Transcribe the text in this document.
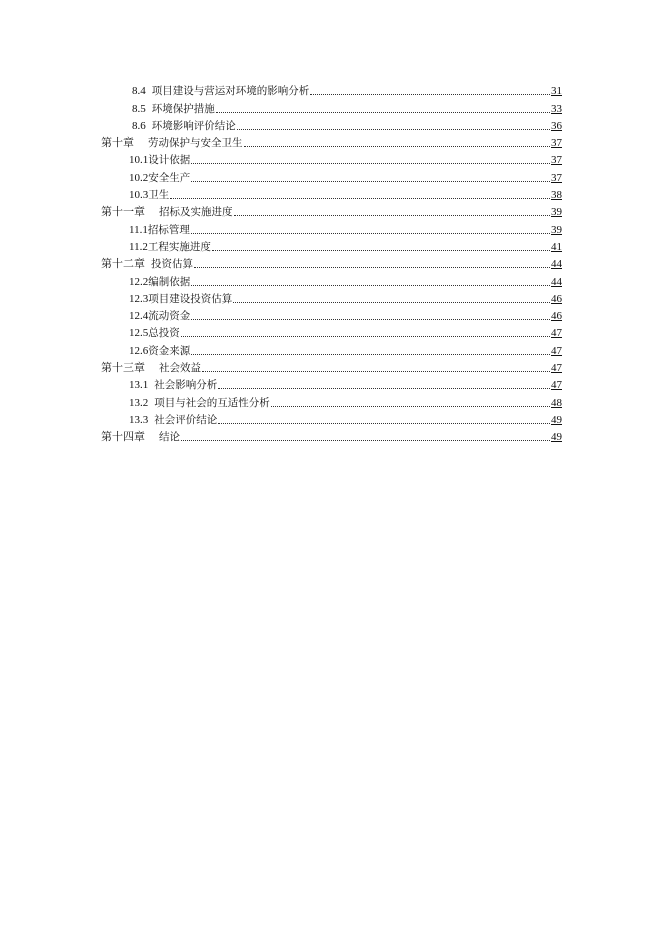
8.4 项目建设与营运对环境的影响分析	31
8.5 环境保护措施	33
8.6 环境影响评价结论	36
第十章 劳动保护与安全卫生	37
10.1 设计依据	37
10.2 安全生产	37
10.3 卫生	38
第十一章 招标及实施进度	39
11.1 招标管理	39
11.2 工程实施进度	41
第十二章 投资估算	44
12.2 编制依据	44
12.3 项目建设投资估算	46
12.4 流动资金	46
12.5 总投资	47
12.6 资金来源	47
第十三章 社会效益	47
13.1 社会影响分析	47
13.2 项目与社会的互适性分析	48
13.3 社会评价结论	49
第十四章 结论	49
